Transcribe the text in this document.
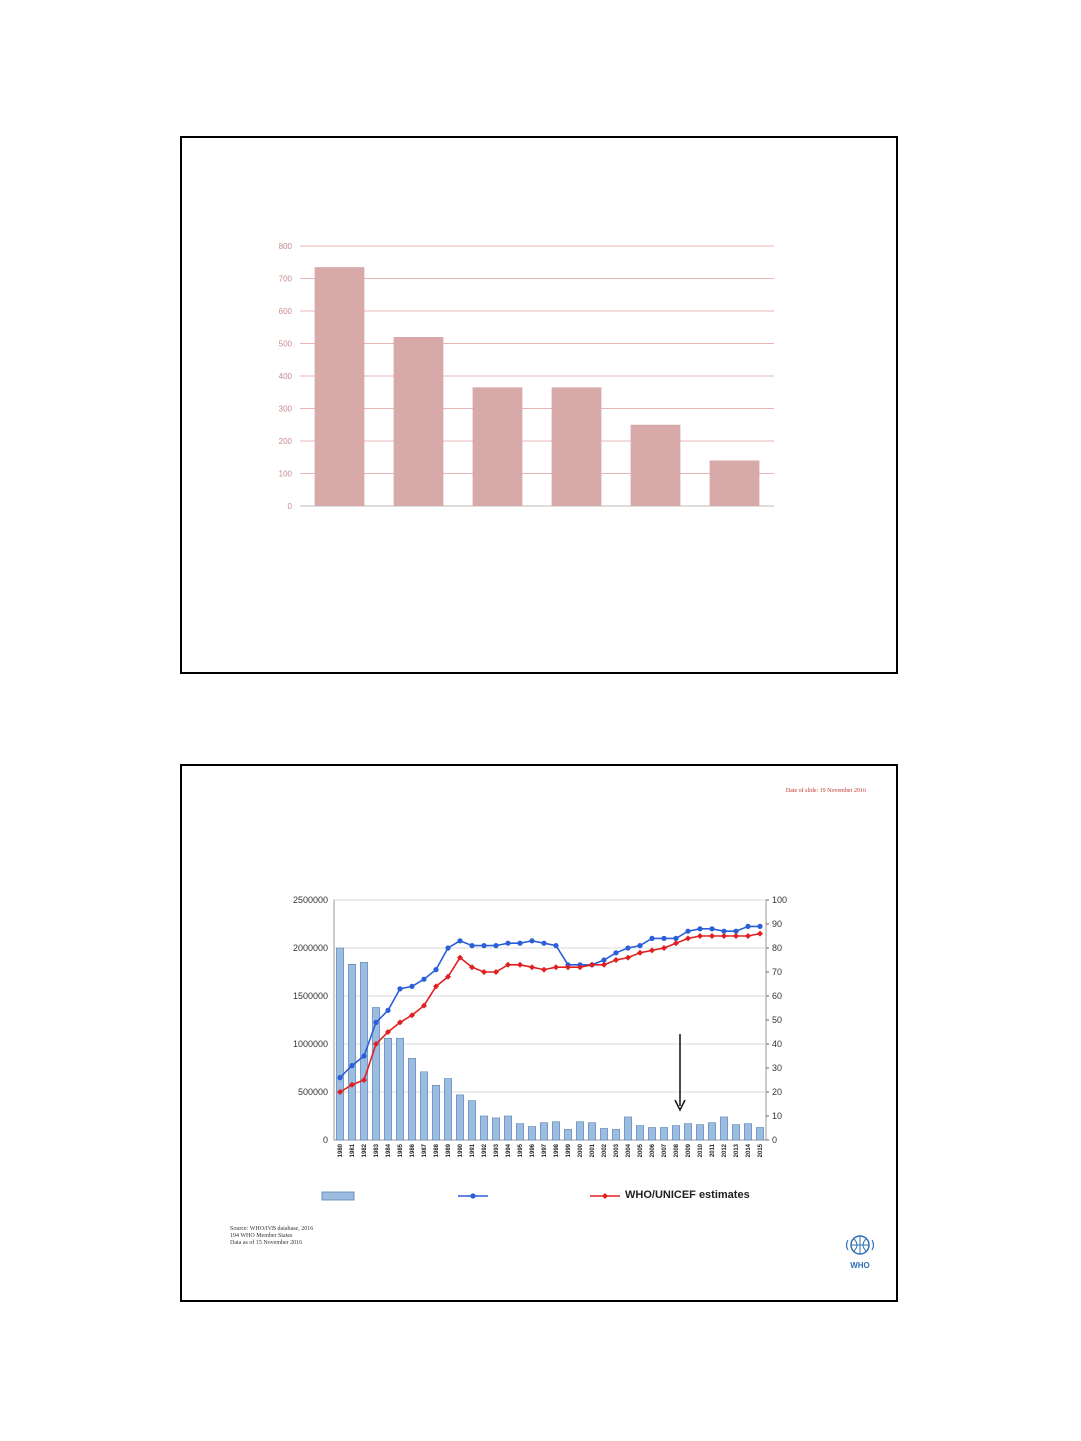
800
700
600
500
400
300
200
100
0
Date of slide: 19 November 2016
2500000
2000000
1500000
1000000
500000
0
100
90
80
70
60
50
40
30
20
10
0
1980 1981 1982 1983 1984 1985 1986 1987 1988 1989 1990 1991 1992 1993 1994 1995 1996 1997 1998 1999 2000 2001 2002 2003 2004 2005 2006 2007 2008 2009 2010 2011 2012 2013 2014 2015
WHO/UNICEF estimates
Source: WHO/IVB database, 2016
194 WHO Member States
Data as of 15 November 2016
WHO
